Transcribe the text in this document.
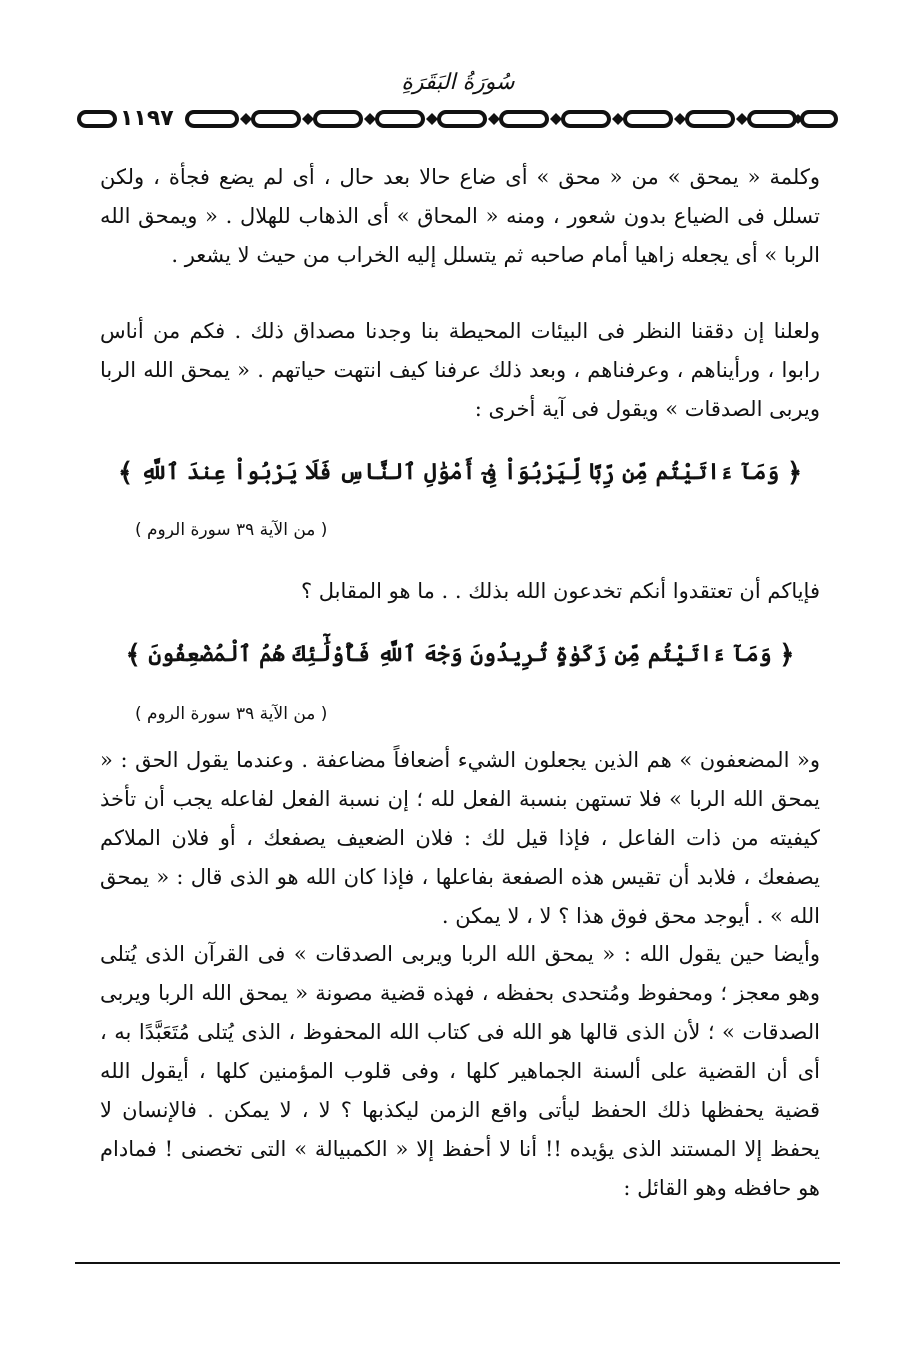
سُورَةُ البَقَرَةِ
١١٩٧

وكلمة « يمحق » من « محق » أى ضاع حالا بعد حال ، أى لم يضع فجأة ، ولكن تسلل فى الضياع بدون شعور ، ومنه « المحاق » أى الذهاب للهلال . « ويمحق الله الربا » أى يجعله زاهيا أمام صاحبه ثم يتسلل إليه الخراب من حيث لا يشعر .

ولعلنا إن دققنا النظر فى البيئات المحيطة بنا وجدنا مصداق ذلك . فكم من أناس رابوا ، ورأيناهم ، وعرفناهم ، وبعد ذلك عرفنا كيف انتهت حياتهم . « يمحق الله الربا ويربى الصدقات » ويقول فى آية أخرى :

﴿ وَمَآ ءَاتَيْتُم مِّن رِّبًا لِّيَرْبُوَاْ فِىٓ أَمْوَٰلِ ٱلنَّاسِ فَلَا يَرْبُواْ عِندَ ٱللَّهِ ﴾
( من الآية ٣٩ سورة الروم )

فإياكم أن تعتقدوا أنكم تخدعون الله بذلك . . ما هو المقابل ؟

﴿ وَمَآ ءَاتَيْتُم مِّن زَكَوٰةٍ تُرِيدُونَ وَجْهَ ٱللَّهِ فَأُوْلَٰٓئِكَ هُمُ ٱلْمُضْعِفُونَ ﴾
( من الآية ٣٩ سورة الروم )

و« المضعفون » هم الذين يجعلون الشيء أضعافاً مضاعفة . وعندما يقول الحق : « يمحق الله الربا » فلا تستهن بنسبة الفعل لله ؛ إن نسبة الفعل لفاعله يجب أن تأخذ كيفيته من ذات الفاعل ، فإذا قيل لك : فلان الضعيف يصفعك ، أو فلان الملاكم يصفعك ، فلابد أن تقيس هذه الصفعة بفاعلها ، فإذا كان الله هو الذى قال : « يمحق الله » . أيوجد محق فوق هذا ؟ لا ، لا يمكن .

وأيضا حين يقول الله : « يمحق الله الربا ويربى الصدقات » فى القرآن الذى يُتلى وهو معجز ؛ ومحفوظ ومُتحدى بحفظه ، فهذه قضية مصونة « يمحق الله الربا ويربى الصدقات » ؛ لأن الذى قالها هو الله فى كتاب الله المحفوظ ، الذى يُتلى مُتَعَبَّدًا به ، أى أن القضية على ألسنة الجماهير كلها ، وفى قلوب المؤمنين كلها ، أيقول الله قضية يحفظها ذلك الحفظ ليأتى واقع الزمن ليكذبها ؟ لا ، لا يمكن . فالإنسان لا يحفظ إلا المستند الذى يؤيده !! أنا لا أحفظ إلا « الكمبيالة » التى تخصنى ! فمادام هو حافظه وهو القائل :
